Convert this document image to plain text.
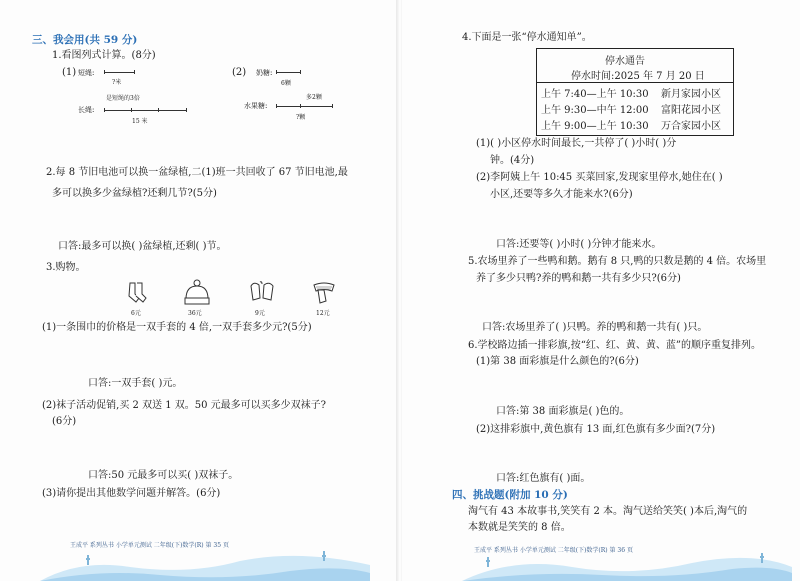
三、我会用(共 59 分)
1.看图列式计算。(8分)
(1) 短绳:
?米
是短绳的3倍
长绳:
15 米
(2) 奶糖:
6颗
多2颗
水果糖:
?颗
2.每 8 节旧电池可以换一盆绿植,二(1)班一共回收了 67 节旧电池,最
多可以换多少盆绿植?还剩几节?(5分)
口答:最多可以换( )盆绿植,还剩( )节。
3.购物。
6元	36元	9元	12元
(1)一条围巾的价格是一双手套的 4 倍,一双手套多少元?(5分)
口答:一双手套( )元。
(2)袜子活动促销,买 2 双送 1 双。50 元最多可以买多少双袜子?
(6分)
口答:50 元最多可以买( )双袜子。
(3)请你提出其他数学问题并解答。(6分)
王成平 系列丛书 小学单元测试 二年级(下)数学(R) 第 35 页
4.下面是一张“停水通知单”。
停水通告
停水时间:2025 年 7 月 20 日
上午 7:40—上午 10:30 新月家园小区
上午 9:30—中午 12:00 富阳花园小区
上午 9:00—上午 10:30 万合家园小区
(1)( )小区停水时间最长,一共停了( )小时( )分
钟。(4分)
(2)李阿姨上午 10:45 买菜回家,发现家里停水,她住在( )
小区,还要等多久才能来水?(6分)
口答:还要等( )小时( )分钟才能来水。
5.农场里养了一些鸭和鹅。鹅有 8 只,鸭的只数是鹅的 4 倍。农场里
养了多少只鸭?养的鸭和鹅一共有多少只?(6分)
口答:农场里养了( )只鸭。养的鸭和鹅一共有( )只。
6.学校路边插一排彩旗,按“红、红、黄、黄、蓝”的顺序重复排列。
(1)第 38 面彩旗是什么颜色的?(6分)
口答:第 38 面彩旗是( )色的。
(2)这排彩旗中,黄色旗有 13 面,红色旗有多少面?(7分)
口答:红色旗有( )面。
四、挑战题(附加 10 分)
淘气有 43 本故事书,笑笑有 2 本。淘气送给笑笑( )本后,淘气的
本数就是笑笑的 8 倍。
王成平 系列丛书 小学单元测试 二年级(下)数学(R) 第 36 页
